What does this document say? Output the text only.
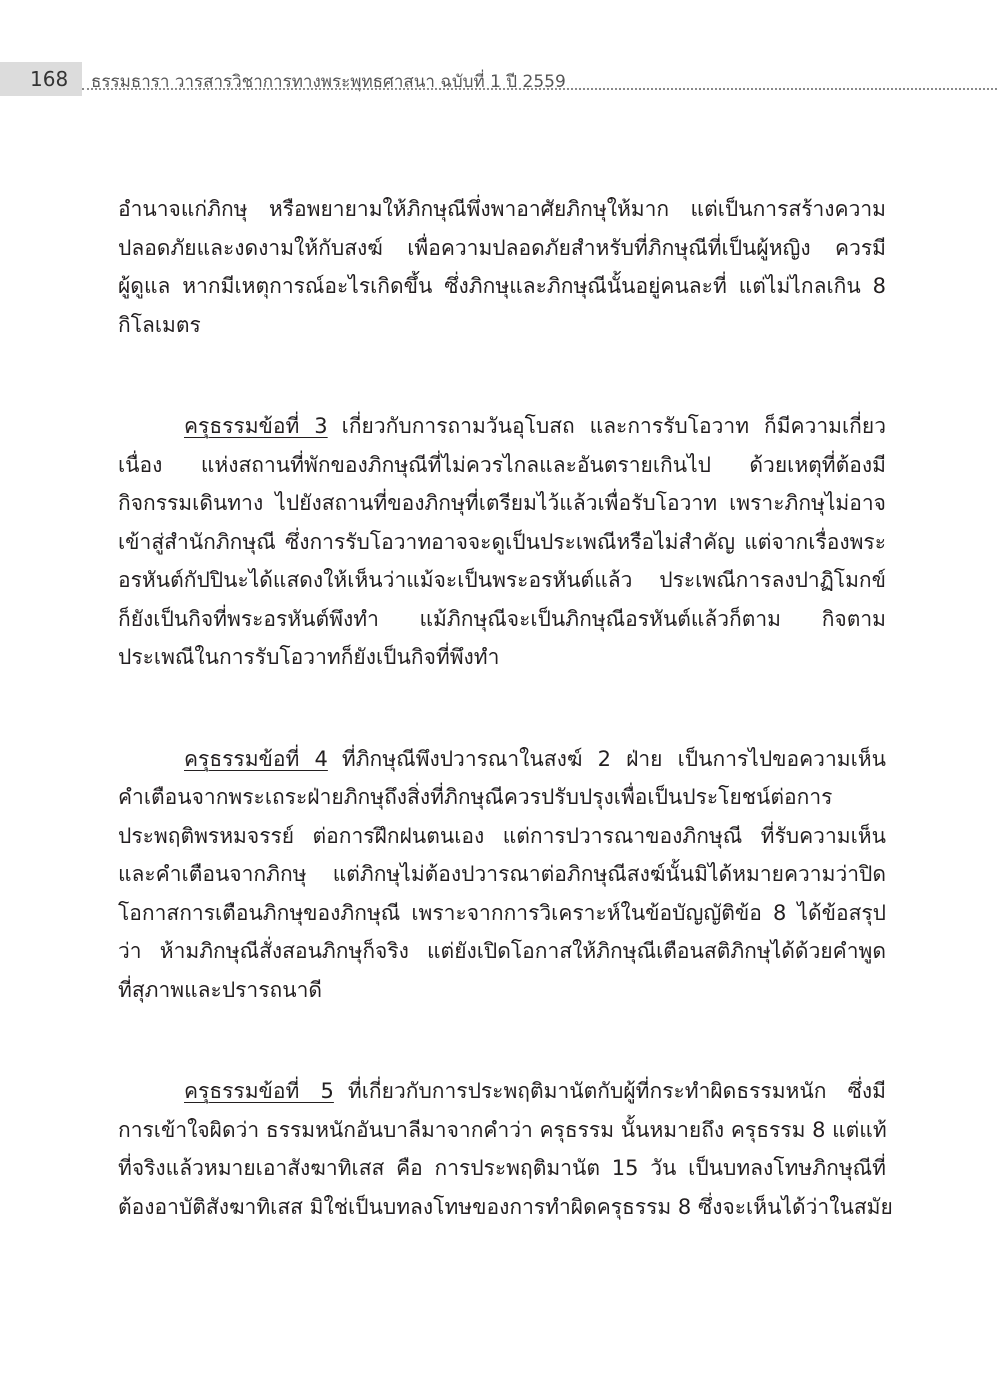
168 ธรรมธารา วารสารวิชาการทางพระพุทธศาสนา ฉบับที่ 1 ปี 2559
อำนาจแก่ภิกษุ หรือพยายามให้ภิกษุณีพึ่งพาอาศัยภิกษุให้มาก แต่เป็นการสร้างความ
ปลอดภัยและงดงามให้กับสงฆ์ เพื่อความปลอดภัยสำหรับที่ภิกษุณีที่เป็นผู้หญิง ควรมี
ผู้ดูแล หากมีเหตุการณ์อะไรเกิดขึ้น ซึ่งภิกษุและภิกษุณีนั้นอยู่คนละที่ แต่ไม่ไกลเกิน 8
กิโลเมตร
ครุธรรมข้อที่ 3 เกี่ยวกับการถามวันอุโบสถ และการรับโอวาท ก็มีความเกี่ยว
เนื่อง แห่งสถานที่พักของภิกษุณีที่ไม่ควรไกลและอันตรายเกินไป ด้วยเหตุที่ต้องมี
กิจกรรมเดินทาง ไปยังสถานที่ของภิกษุที่เตรียมไว้แล้วเพื่อรับโอวาท เพราะภิกษุไม่อาจ
เข้าสู่สำนักภิกษุณี ซึ่งการรับโอวาทอาจจะดูเป็นประเพณีหรือไม่สำคัญ แต่จากเรื่องพระ
อรหันต์กัปปินะได้แสดงให้เห็นว่าแม้จะเป็นพระอรหันต์แล้ว ประเพณีการลงปาฏิโมกข์
ก็ยังเป็นกิจที่พระอรหันต์พึงทำ แม้ภิกษุณีจะเป็นภิกษุณีอรหันต์แล้วก็ตาม กิจตาม
ประเพณีในการรับโอวาทก็ยังเป็นกิจที่พึงทำ
ครุธรรมข้อที่ 4 ที่ภิกษุณีพึงปวารณาในสงฆ์ 2 ฝ่าย เป็นการไปขอความเห็น
คำเตือนจากพระเถระฝ่ายภิกษุถึงสิ่งที่ภิกษุณีควรปรับปรุงเพื่อเป็นประโยชน์ต่อการ
ประพฤติพรหมจรรย์ ต่อการฝึกฝนตนเอง แต่การปวารณาของภิกษุณี ที่รับความเห็น
และคำเตือนจากภิกษุ แต่ภิกษุไม่ต้องปวารณาต่อภิกษุณีสงฆ์นั้นมิได้หมายความว่าปิด
โอกาสการเตือนภิกษุของภิกษุณี เพราะจากการวิเคราะห์ในข้อบัญญัติข้อ 8 ได้ข้อสรุป
ว่า ห้ามภิกษุณีสั่งสอนภิกษุก็จริง แต่ยังเปิดโอกาสให้ภิกษุณีเตือนสติภิกษุได้ด้วยคำพูด
ที่สุภาพและปรารถนาดี
ครุธรรมข้อที่ 5 ที่เกี่ยวกับการประพฤติมานัตกับผู้ที่กระทำผิดธรรมหนัก ซึ่งมี
การเข้าใจผิดว่า ธรรมหนักอันบาลีมาจากคำว่า ครุธรรม นั้นหมายถึง ครุธรรม 8 แต่แท้
ที่จริงแล้วหมายเอาสังฆาทิเสส คือ การประพฤติมานัต 15 วัน เป็นบทลงโทษภิกษุณีที่
ต้องอาบัติสังฆาทิเสส มิใช่เป็นบทลงโทษของการทำผิดครุธรรม 8 ซึ่งจะเห็นได้ว่าในสมัย
